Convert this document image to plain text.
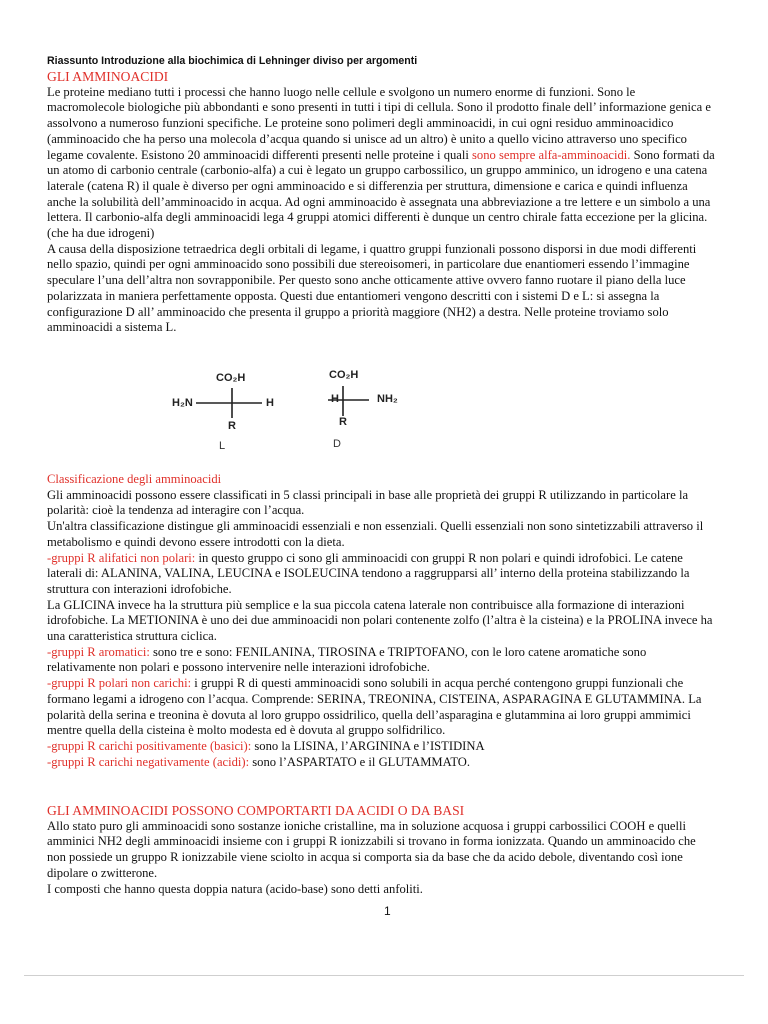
Riassunto Introduzione alla biochimica di Lehninger diviso per argomenti
GLI AMMINOACIDI

Le proteine mediano tutti i processi che hanno luogo nelle cellule e svolgono un numero enorme di funzioni. Sono le macromolecole biologiche più abbondanti e sono presenti in tutti i tipi di cellula. Sono il prodotto finale dell’ informazione genica e assolvono a numeroso funzioni specifiche. Le proteine sono polimeri degli amminoacidi, in cui ogni residuo amminoacidico (amminoacido che ha perso una molecola d’acqua quando si unisce ad un altro) è unito a quello vicino attraverso uno specifico legame covalente. Esistono 20 amminoacidi differenti presenti nelle proteine i quali sono sempre alfa-amminoacidi. Sono formati da un atomo di carbonio centrale (carbonio-alfa) a cui è legato un gruppo carbossilico, un gruppo amminico, un idrogeno e una catena laterale (catena R) il quale è diverso per ogni amminoacido e si differenzia per struttura, dimensione e carica e quindi influenza anche la solubilità dell’amminoacido in acqua. Ad ogni amminoacido è assegnata una abbreviazione a tre lettere e un simbolo a una lettera. Il carbonio-alfa degli amminoacidi lega 4 gruppi atomici differenti è dunque un centro chirale fatta eccezione per la glicina. (che ha due idrogeni)

A causa della disposizione tetraedrica degli orbitali di legame, i quattro gruppi funzionali possono disporsi in due modi differenti nello spazio, quindi per ogni amminoacido sono possibili due stereoisomeri, in particolare due enantiomeri essendo l’immagine speculare l’una dell’altra non sovrapponibile. Per questo sono anche otticamente attive ovvero fanno ruotare il piano della luce polarizzata in maniera perfettamente opposta. Questi due entantiomeri vengono descritti con i sistemi D e L: si assegna la configurazione D all’ amminoacido che presenta il gruppo a priorità maggiore (NH2) a destra. Nelle proteine troviamo solo amminoacidi a sistema L.

CO₂H
H₂N	H
R
L
CO₂H
H	NH₂
R
D
Classificazione degli amminoacidi

Gli amminoacidi possono essere classificati in 5 classi principali in base alle proprietà dei gruppi R utilizzando in particolare la polarità: cioè la tendenza ad interagire con l’acqua.

Un'altra classificazione distingue gli amminoacidi essenziali e non essenziali. Quelli essenziali non sono sintetizzabili attraverso il metabolismo e quindi devono essere introdotti con la dieta.

-gruppi R alifatici non polari: in questo gruppo ci sono gli amminoacidi con gruppi R non polari e quindi idrofobici. Le catene laterali di: ALANINA, VALINA, LEUCINA e ISOLEUCINA tendono a raggrupparsi all’ interno della proteina stabilizzando la struttura con interazioni idrofobiche.

La GLICINA invece ha la struttura più semplice e la sua piccola catena laterale non contribuisce alla formazione di interazioni idrofobiche. La METIONINA è uno dei due amminoacidi non polari contenente zolfo (l’altra è la cisteina) e la PROLINA invece ha una caratteristica struttura ciclica.

-gruppi R aromatici: sono tre e sono: FENILANINA, TIROSINA e TRIPTOFANO, con le loro catene aromatiche sono relativamente non polari e possono intervenire nelle interazioni idrofobiche.

-gruppi R polari non carichi: i gruppi R di questi amminoacidi sono solubili in acqua perché contengono gruppi funzionali che formano legami a idrogeno con l’acqua. Comprende: SERINA, TREONINA, CISTEINA, ASPARAGINA E GLUTAMMINA. La polarità della serina e treonina è dovuta al loro gruppo ossidrilico, quella dell’asparagina e glutammina ai loro gruppi ammimici mentre quella della cisteina è molto modesta ed è dovuta al gruppo solfidrilico.

-gruppi R carichi positivamente (basici): sono la LISINA, l’ARGININA e l’ISTIDINA

-gruppi R carichi negativamente (acidi): sono l’ASPARTATO e il GLUTAMMATO.

GLI AMMINOACIDI POSSONO COMPORTARTI DA ACIDI O DA BASI

Allo stato puro gli amminoacidi sono sostanze ioniche cristalline, ma in soluzione acquosa i gruppi carbossilici COOH e quelli amminici NH2 degli amminoacidi insieme con i gruppi R ionizzabili si trovano in forma ionizzata. Quando un amminoacido che non possiede un gruppo R ionizzabile viene sciolto in acqua si comporta sia da base che da acido debole, diventando così ione dipolare o zwitterone.

I composti che hanno questa doppia natura (acido-base) sono detti anfoliti.

1
